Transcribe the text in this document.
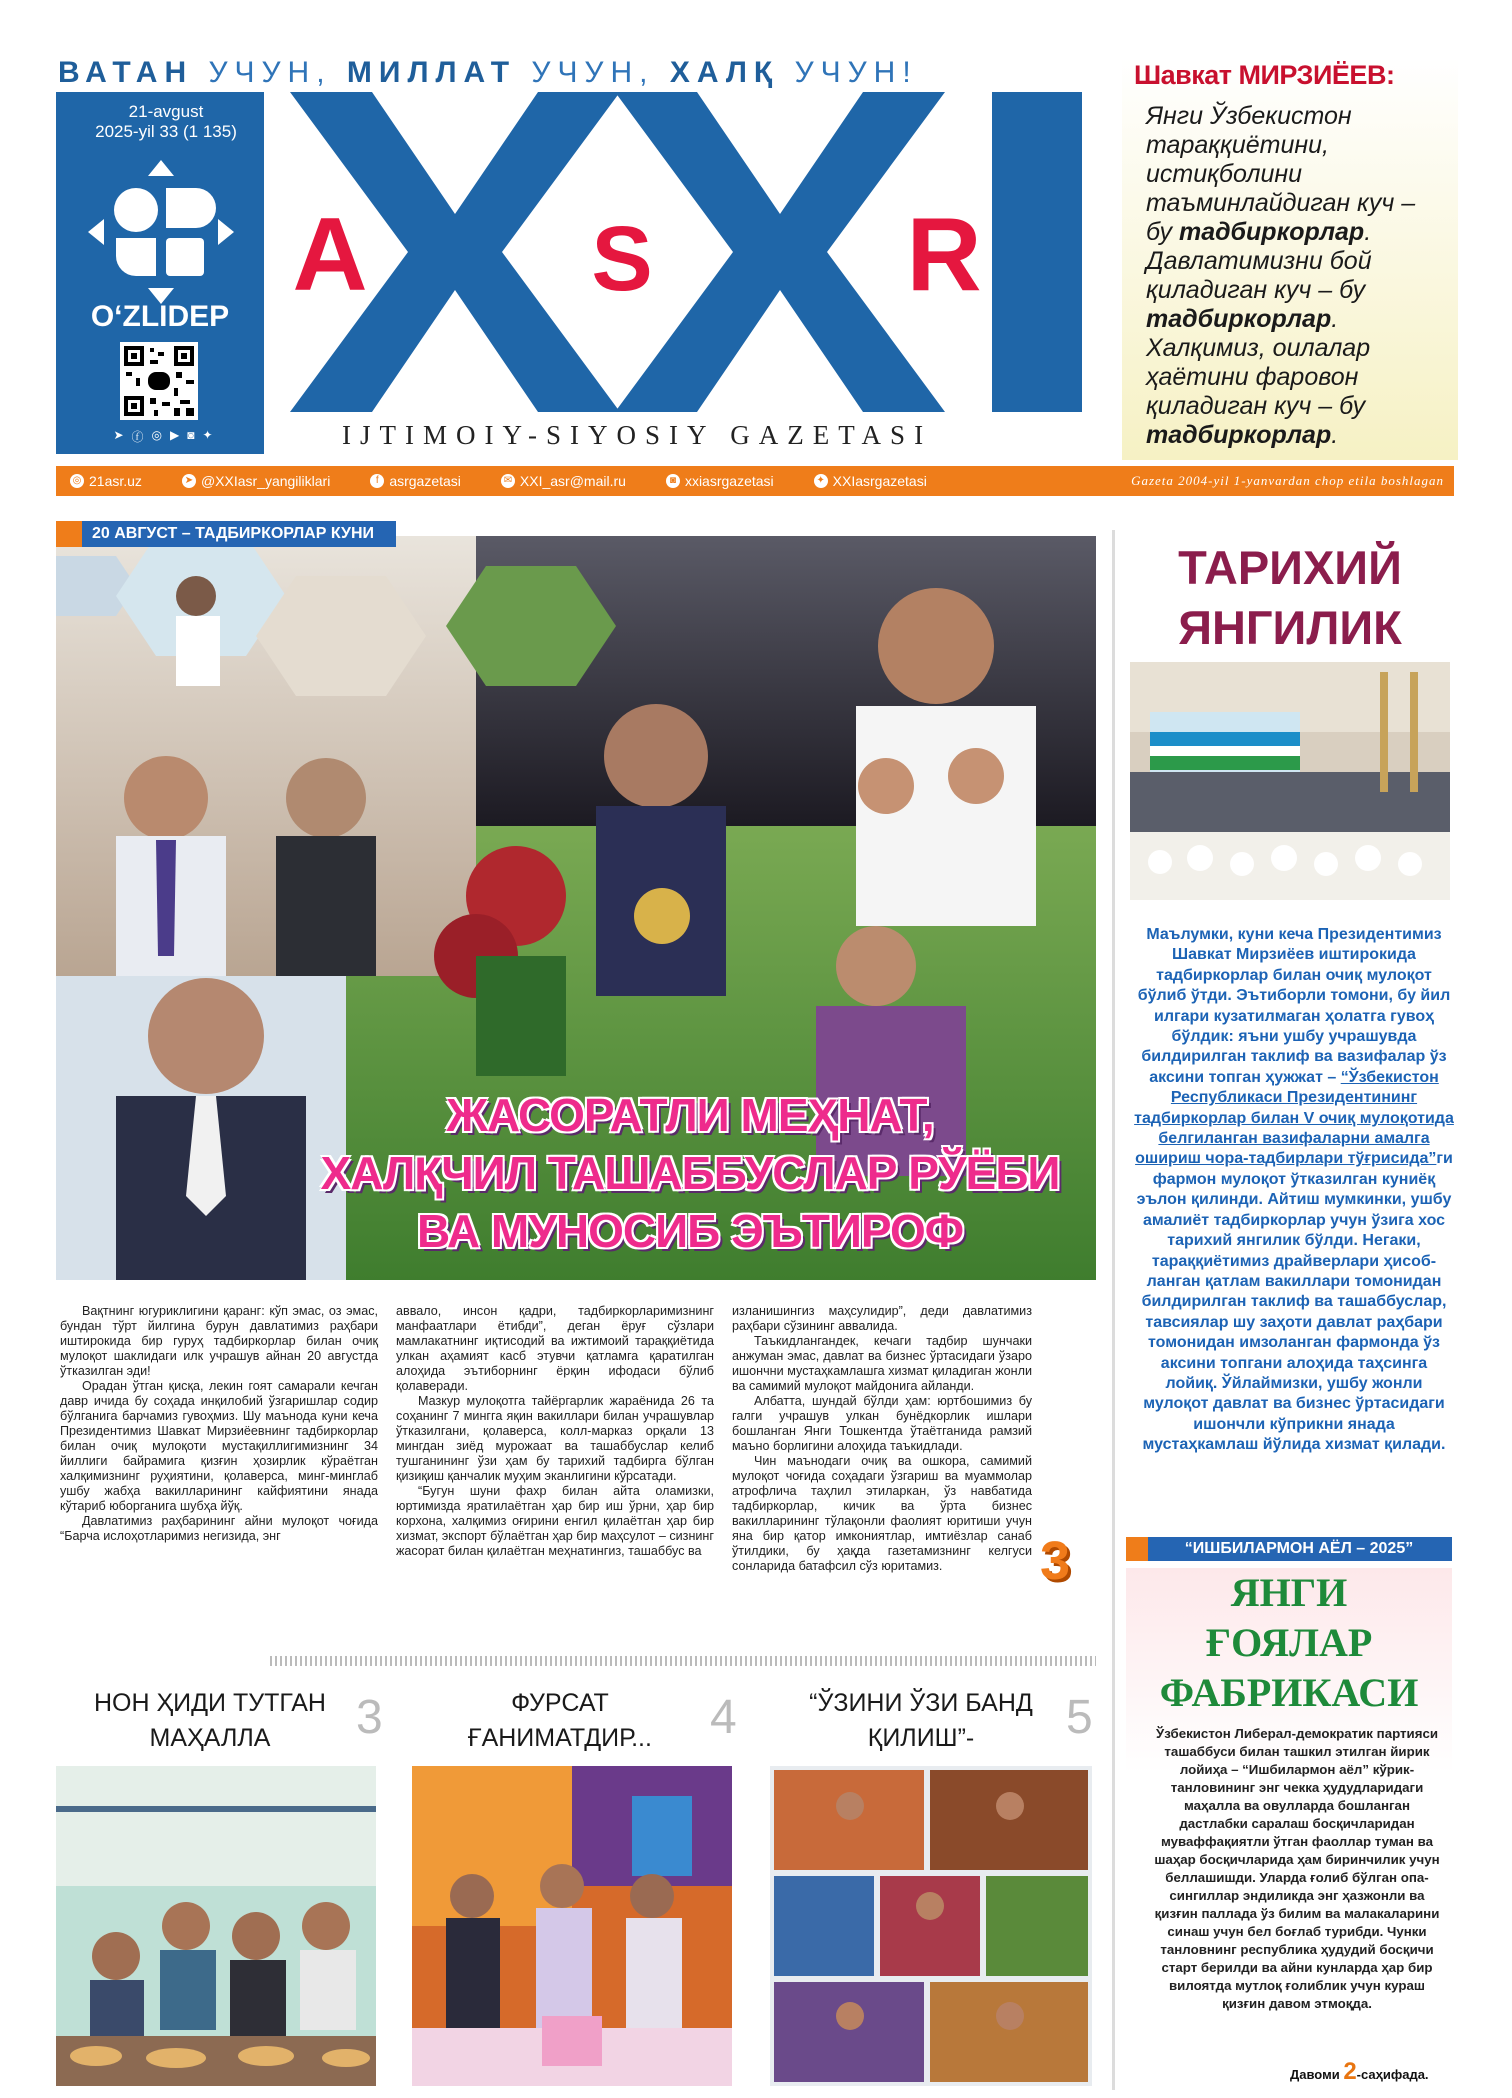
ВАТАН УЧУН, МИЛЛАТ УЧУН, ХАЛҚ УЧУН!
21-avgust
2025-yil 33 (1 135)
O‘ZLIDEP
➤ ⓕ ◎ ▶ ◙ ✦
A S R
XXI
IJTIMOIY-SIYOSIY GAZETASI
Шавкат МИРЗИЁЕВ:
Янги Ўзбекистон тараққиётини, истиқболини таъминлайдиган куч – бу тадбиркорлар. Давлатимизни бой қиладиган куч – бу тадбиркорлар. Халқимиз, оилалар ҳаётини фаровон қиладиган куч – бу тадбиркорлар.
◎ 21asr.uz	➤ @XXIasr_yangiliklari	f asrgazetasi	✉ XXI_asr@mail.ru	◙ xxiasrgazetasi	✦ XXIasrgazetasi	Gazeta 2004-yil 1-yanvardan chop etila boshlagan
20 АВГУСТ – ТАДБИРКОРЛАР КУНИ
ЖАСОРАТЛИ МЕҲНАТ,
ХАЛҚЧИЛ ТАШАББУСЛАР РЎЁБИ
ВА МУНОСИБ ЭЪТИРОФ

Вақтнинг югуриклигини қаранг: кўп эмас, оз эмас, бундан тўрт йилгина бурун давлатимиз раҳбари иштирокида бир гуруҳ тадбиркорлар билан очиқ мулоқот шаклидаги илк учрашув айнан 20 августда ўтказилган эди!

Орадан ўтган қисқа, лекин гоят самарали кечган давр ичида бу соҳада инқилобий ўзгаришлар содир бўлганига барчамиз гувоҳмиз. Шу маънода куни кеча Президентимиз Шавкат Мирзиёевнинг тадбиркорлар билан очиқ мулоқоти мустақиллигимизнинг 34 йиллиги байрамига қизғин ҳозирлик кўраётган халқимизнинг руҳиятини, қолаверса, минг-минглаб ушбу жабҳа вакилларининг кайфиятини янада кўтариб юборганига шубҳа йўқ.

Давлатимиз раҳбарининг айни мулоқот чоғида “Барча ислоҳотларимиз негизида, энг

аввало, инсон қадри, тадбиркорларимизнинг манфаатлари ётибди”, деган ёруғ сўзлари мамлакатнинг иқтисодий ва ижтимоий тараққиётида улкан аҳамият касб этувчи қатламга қаратилган алоҳида эътиборнинг ёрқин ифодаси бўлиб қолаверади.

Мазкур мулоқотга тайёргарлик жараёнида 26 та соҳанинг 7 мингга яқин вакиллари билан учрашувлар ўтказилгани, қолаверса, колл-марказ орқали 13 мингдан зиёд мурожаат ва ташаббуслар келиб тушганининг ўзи ҳам бу тарихий тадбирга бўлган қизиқиш қанчалик муҳим эканлигини кўрсатади.

“Бугун шуни фахр билан айта оламизки, юртимизда яратилаётган ҳар бир иш ўрни, ҳар бир корхона, халқимиз оғирини енгил қилаётган ҳар бир хизмат, экспорт бўлаётган ҳар бир маҳсулот – сизнинг жасорат билан қилаётган меҳнатингиз, ташаббус ва

изланишингиз маҳсулидир”, деди давлатимиз раҳбари сўзининг аввалида.

Таъкидлангандек, кечаги тадбир шунчаки анжуман эмас, давлат ва бизнес ўртасидаги ўзаро ишончни мустаҳкамлашга хизмат қиладиган жонли ва самимий мулоқот майдонига айланди.

Албатта, шундай бўлди ҳам: юртбошимиз бу галги учрашув улкан бунёдкорлик ишлари бошланган Янги Тошкентда ўтаётганида рамзий маъно борлигини алоҳида таъкидлади.

Чин маънодаги очиқ ва ошкора, самимий мулоқот чоғида соҳадаги ўзгариш ва муаммолар атрофлича таҳлил этиларкан, ўз навбатида тадбиркорлар, кичик ва ўрта бизнес вакилларининг тўлақонли фаолият юритиши учун яна бир қатор имкониятлар, имтиёзлар санаб ўтилдики, бу ҳақда газетамизнинг келгуси сонларида батафсил сўз юритамиз.	3
ТАРИХИЙ
ЯНГИЛИК
Маълумки, куни кеча Президентимиз Шавкат Мирзиёев иштирокида тадбиркорлар билан очиқ мулоқот бўлиб ўтди. Эътиборли томони, бу йил илгари кузатилмаган ҳолатга гувоҳ бўлдик: яъни ушбу учрашувда билдирилган таклиф ва вазифалар ўз аксини топган ҳужжат – “Ўзбекистон Республикаси Президентининг тадбиркорлар билан V очиқ мулоқотида белгиланган вазифаларни амалга ошириш чора-тадбирлари тўғрисида”ги фармон мулоқот ўтказилган куниёқ эълон қилинди. Айтиш мумкинки, ушбу амалиёт тадбиркорлар учун ўзига хос тарихий янгилик бўлди. Негаки, тараққиётимиз драйверлари ҳисобланган қатлам вакиллари томонидан билдирилган таклиф ва ташаббуслар, тавсиялар шу заҳоти давлат раҳбари томонидан имзоланган фармонда ўз аксини топгани алоҳида таҳсинга лойиқ. Ўйлаймизки, ушбу жонли мулоқот давлат ва бизнес ўртасидаги ишончли кўприкни янада мустаҳкамлаш йўлида хизмат қилади.
“ИШБИЛАРМОН АЁЛ – 2025”
ЯНГИ
ҒОЯЛАР
ФАБРИКАСИ
Ўзбекистон Либерал-демократик партияси ташаббуси билан ташкил этилган йирик лойиҳа – “Ишбилармон аёл” кўрик-танловининг энг чекка ҳудудларидаги маҳалла ва овулларда бошланган дастлабки саралаш босқичларидан муваффақиятли ўтган фаоллар туман ва шаҳар босқичларида ҳам биринчилик учун беллашишди. Уларда ғолиб бўлган опа-сингиллар эндиликда энг ҳазжонли ва қизғин палладa ўз билим ва малакаларини синаш учун бел боғлаб турибди. Чунки танловнинг республика ҳудудий босқичи старт берилди ва айни кунларда ҳар бир вилоятда мутлоқ ғолиблик учун кураш қизғин давом этмоқда.
Давоми 2-саҳифада.
НОН ҲИДИ ТУТГАН
МАҲАЛЛА	3	ФУРСАТ
ҒАНИМАТДИР...	4	“ЎЗИНИ ЎЗИ БАНД ҚИЛИШ”-	5
